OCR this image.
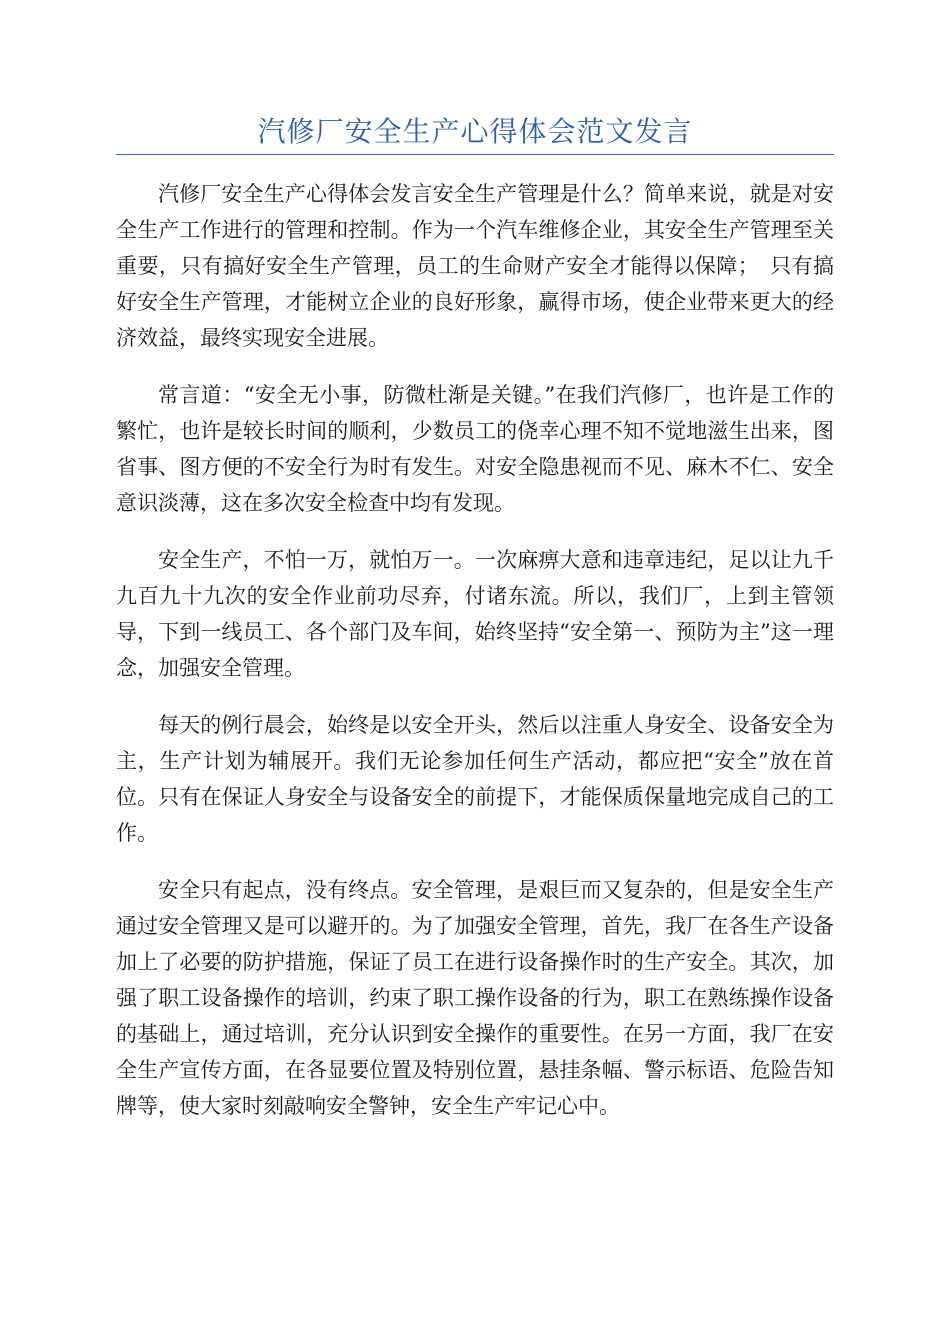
汽修厂安全生产心得体会范文发言

汽修厂安全生产心得体会发言安全生产管理是什么？简单来说，就是对安全生产工作进行的管理和控制。作为一个汽车维修企业，其安全生产管理至关重要，只有搞好安全生产管理，员工的生命财产安全才能得以保障；　只有搞好安全生产管理，才能树立企业的良好形象，赢得市场，使企业带来更大的经济效益，最终实现安全进展。

常言道：“安全无小事，防微杜渐是关键。”在我们汽修厂，也许是工作的繁忙，也许是较长时间的顺利，少数员工的侥幸心理不知不觉地滋生出来，图省事、图方便的不安全行为时有发生。对安全隐患视而不见、麻木不仁、安全意识淡薄，这在多次安全检查中均有发现。

安全生产，不怕一万，就怕万一。一次麻痹大意和违章违纪，足以让九千九百九十九次的安全作业前功尽弃，付诸东流。所以，我们厂，上到主管领导，下到一线员工、各个部门及车间，始终坚持“安全第一、预防为主”这一理念，加强安全管理。

每天的例行晨会，始终是以安全开头，然后以注重人身安全、设备安全为主，生产计划为辅展开。我们无论参加任何生产活动，都应把“安全”放在首位。只有在保证人身安全与设备安全的前提下，才能保质保量地完成自己的工作。

安全只有起点，没有终点。安全管理，是艰巨而又复杂的，但是安全生产通过安全管理又是可以避开的。为了加强安全管理，首先，我厂在各生产设备加上了必要的防护措施，保证了员工在进行设备操作时的生产安全。其次，加强了职工设备操作的培训，约束了职工操作设备的行为，职工在熟练操作设备的基础上，通过培训，充分认识到安全操作的重要性。在另一方面，我厂在安全生产宣传方面，在各显要位置及特别位置，悬挂条幅、警示标语、危险告知牌等，使大家时刻敲响安全警钟，安全生产牢记心中。
